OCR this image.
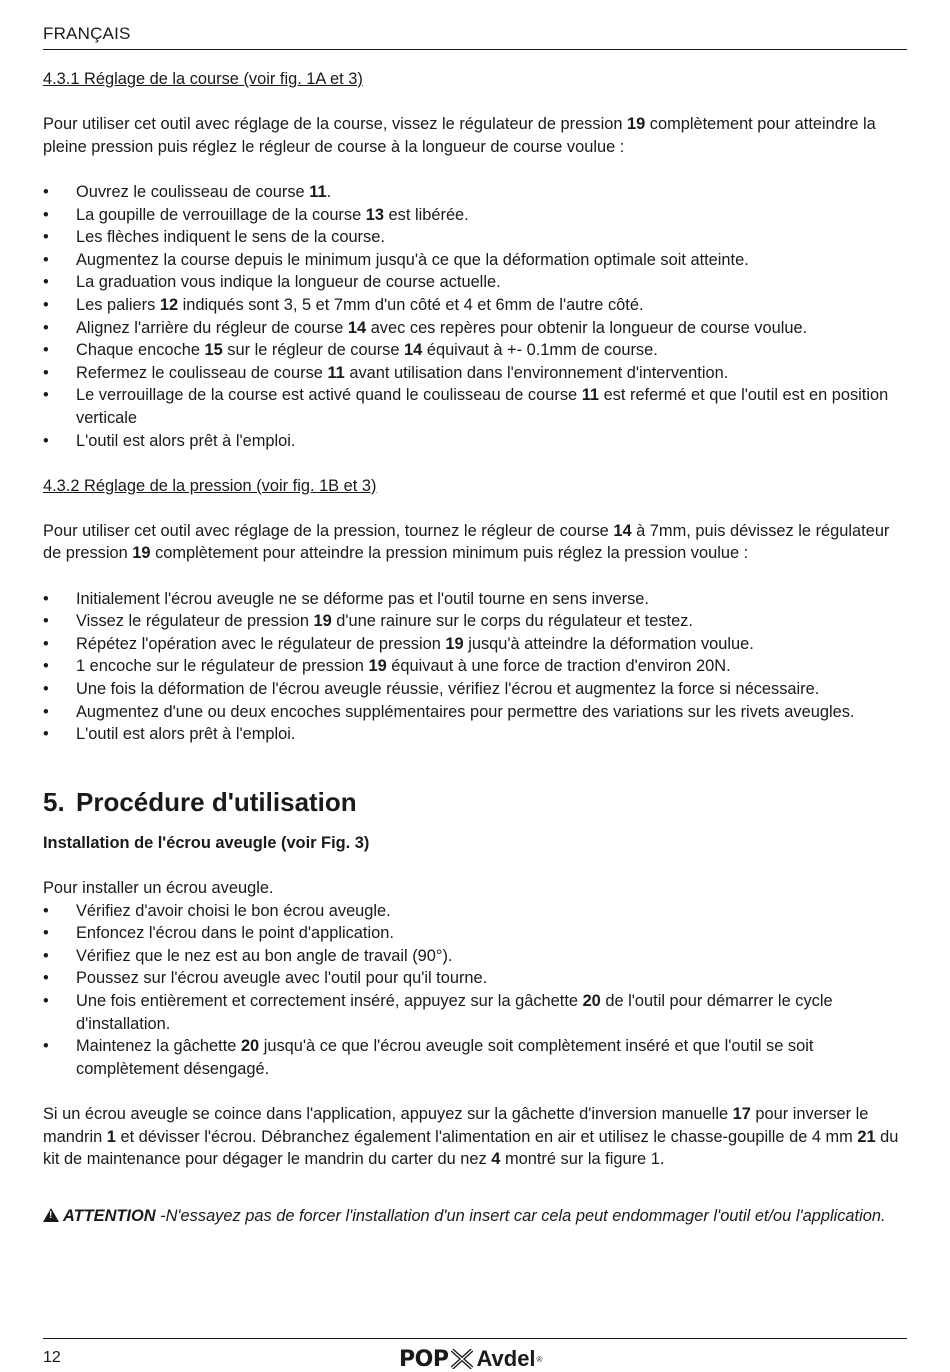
FRANÇAIS

4.3.1 Réglage de la course (voir fig. 1A et 3)

Pour utiliser cet outil avec réglage de la course, vissez le régulateur de pression 19 complètement pour atteindre la pleine pression puis réglez le régleur de course à la longueur de course voulue :

• Ouvrez le coulisseau de course 11.
• La goupille de verrouillage de la course 13 est libérée.
• Les flèches indiquent le sens de la course.
• Augmentez la course depuis le minimum jusqu'à ce que la déformation optimale soit atteinte.
• La graduation vous indique la longueur de course actuelle.
• Les paliers 12 indiqués sont 3, 5 et 7mm d'un côté et 4 et 6mm de l'autre côté.
• Alignez l'arrière du régleur de course 14 avec ces repères pour obtenir la longueur de course voulue.
• Chaque encoche 15 sur le régleur de course 14 équivaut à +- 0.1mm de course.
• Refermez le coulisseau de course 11 avant utilisation dans l'environnement d'intervention.
• Le verrouillage de la course est activé quand le coulisseau de course 11 est refermé et que l'outil est en position verticale
• L'outil est alors prêt à l'emploi.

4.3.2 Réglage de la pression (voir fig. 1B et 3)

Pour utiliser cet outil avec réglage de la pression, tournez le régleur de course 14 à 7mm, puis dévissez le régulateur de pression 19 complètement pour atteindre la pression minimum puis réglez la pression voulue :

• Initialement l'écrou aveugle ne se déforme pas et l'outil tourne en sens inverse.
• Vissez le régulateur de pression 19 d'une rainure sur le corps du régulateur et testez.
• Répétez l'opération avec le régulateur de pression 19 jusqu'à atteindre la déformation voulue.
• 1 encoche sur le régulateur de pression 19 équivaut à une force de traction d'environ 20N.
• Une fois la déformation de l'écrou aveugle réussie, vérifiez l'écrou et augmentez la force si nécessaire.
• Augmentez d'une ou deux encoches supplémentaires pour permettre des variations sur les rivets aveugles.
• L'outil est alors prêt à l'emploi.
5. Procédure d'utilisation

Installation de l'écrou aveugle (voir Fig. 3)

Pour installer un écrou aveugle.

• Vérifiez d'avoir choisi le bon écrou aveugle.
• Enfoncez l'écrou dans le point d'application.
• Vérifiez que le nez est au bon angle de travail (90°).
• Poussez sur l'écrou aveugle avec l'outil pour qu'il tourne.
• Une fois entièrement et correctement inséré, appuyez sur la gâchette 20 de l'outil pour démarrer le cycle d'installation.
• Maintenez la gâchette 20 jusqu'à ce que l'écrou aveugle soit complètement inséré et que l'outil se soit complètement désengagé.

Si un écrou aveugle se coince dans l'application, appuyez sur la gâchette d'inversion manuelle 17 pour inverser le mandrin 1 et dévisser l'écrou. Débranchez également l'alimentation en air et utilisez le chasse-goupille de 4 mm 21 du kit de maintenance pour dégager le mandrin du carter du nez 4 montré sur la figure 1.

!ATTENTION -N'essayez pas de forcer l'installation d'un insert car cela peut endommager l'outil et/ou l'application.

12	POP Avdel ®
